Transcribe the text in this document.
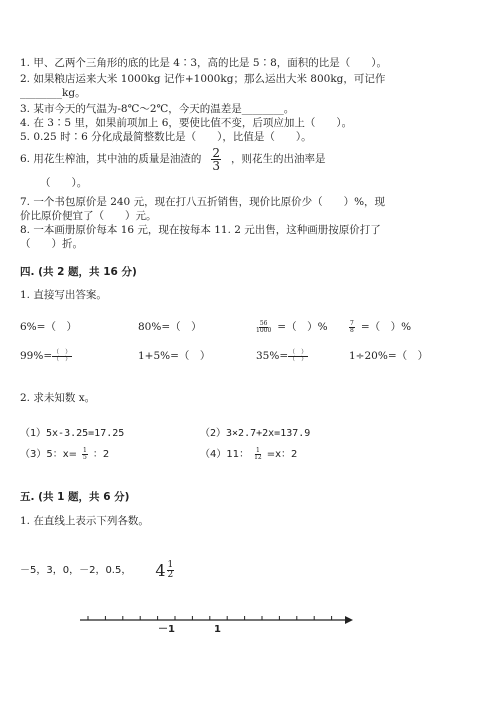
1. 甲、乙两个三角形的底的比是 4∶3，高的比是 5∶8，面积的比是（　　）。
2. 如果粮店运来大米 1000kg 记作+1000kg；那么运出大米 800kg，可记作
________kg。
3. 某市今天的气温为-8℃～2℃，今天的温差是________。
4. 在 3∶5 里，如果前项加上 6，要使比值不变，后项应加上（　　）。
5. 0.25 时∶6 分化成最简整数比是（　　），比值是（　　）。
6. 用花生榨油，其中油的质量是油渣的 $\frac{2}{3}$ ，则花生的出油率是
（　　）。
7. 一个书包原价是 240 元，现在打八五折销售，现价比原价少（　　）%，现
价比原价便宜了（　　）元。
8. 一本画册原价每本 16 元，现在按每本 11. 2 元出售，这种画册按原价打了
（　　）折。
四. (共 2 题，共 16 分)
1. 直接写出答案。
6%=（　）	80%=（　）	$\frac{56}{1000}$ =（　）%	$\frac{7}{8}$ =（　）%
$99\%= \frac{( )}{( )}$	1+5%=（　）	$35\%= \frac{( )}{( )}$	1÷20%=（　）
2. 求未知数 x。
（1）5x-3.25=17.25	（2）3×2.7+2x=137.9
（3）5：$x= \frac{1}{5}$ ：2	（4）11： $\frac{1}{12} =x$：2
五. (共 1 题，共 6 分)
1. 在直线上表示下列各数。
－5，3，0，－2，0.5， $4 \frac{1}{2}$
－1	1
